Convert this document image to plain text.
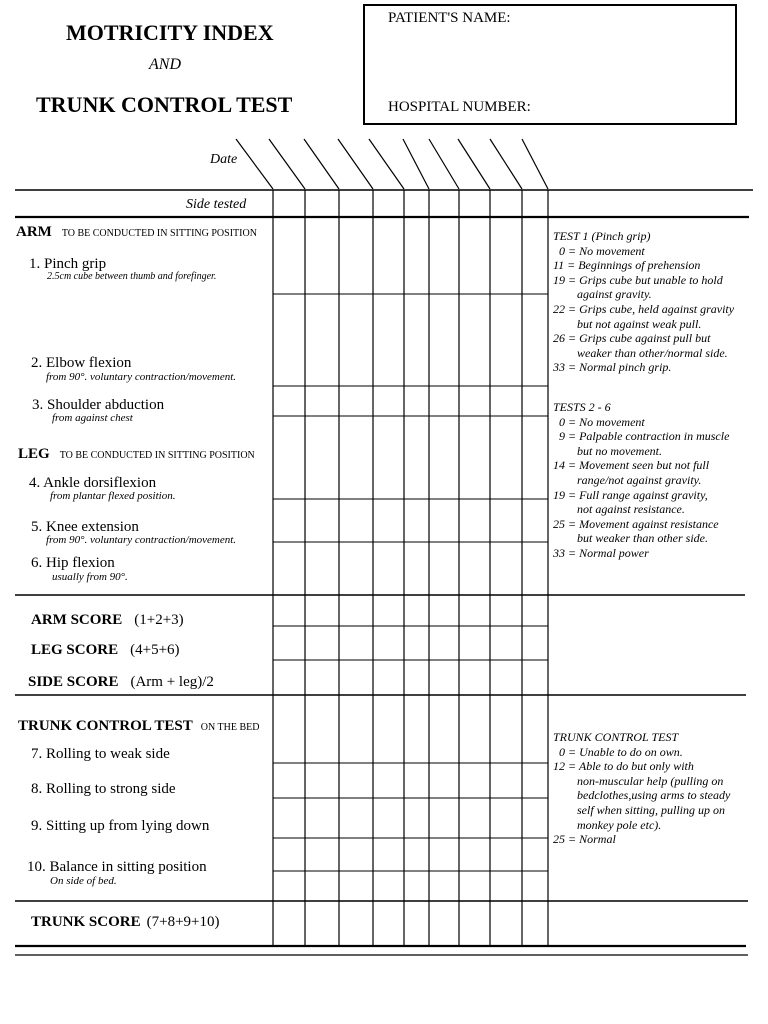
MOTRICITY INDEX
AND
TRUNK CONTROL TEST
PATIENT'S NAME:
HOSPITAL NUMBER:
Date
Side tested
ARM TO BE CONDUCTED IN SITTING POSITION
1. Pinch grip
2.5cm cube between thumb and forefinger.
2. Elbow flexion
from 90°. voluntary contraction/movement.
3. Shoulder abduction
from against chest
LEG TO BE CONDUCTED IN SITTING POSITION
4. Ankle dorsiflexion
from plantar flexed position.
5. Knee extension
from 90°. voluntary contraction/movement.
6. Hip flexion
usually from 90°.
ARM SCORE (1+2+3)
LEG SCORE (4+5+6)
SIDE SCORE (Arm + leg)/2
TRUNK CONTROL TEST ON THE BED
7. Rolling to weak side
8. Rolling to strong side
9. Sitting up from lying down
10. Balance in sitting position
On side of bed.
TRUNK SCORE (7+8+9+10)
TEST 1 (Pinch grip)
0 = No movement
11 = Beginnings of prehension
19 = Grips cube but unable to hold
against gravity.
22 = Grips cube, held against gravity
but not against weak pull.
26 = Grips cube against pull but
weaker than other/normal side.
33 = Normal pinch grip.
TESTS 2 - 6
0 = No movement
9 = Palpable contraction in muscle
but no movement.
14 = Movement seen but not full
range/not against gravity.
19 = Full range against gravity,
not against resistance.
25 = Movement against resistance
but weaker than other side.
33 = Normal power
TRUNK CONTROL TEST
0 = Unable to do on own.
12 = Able to do but only with
non-muscular help (pulling on
bedclothes,using arms to steady
self when sitting, pulling up on
monkey pole etc).
25 = Normal
